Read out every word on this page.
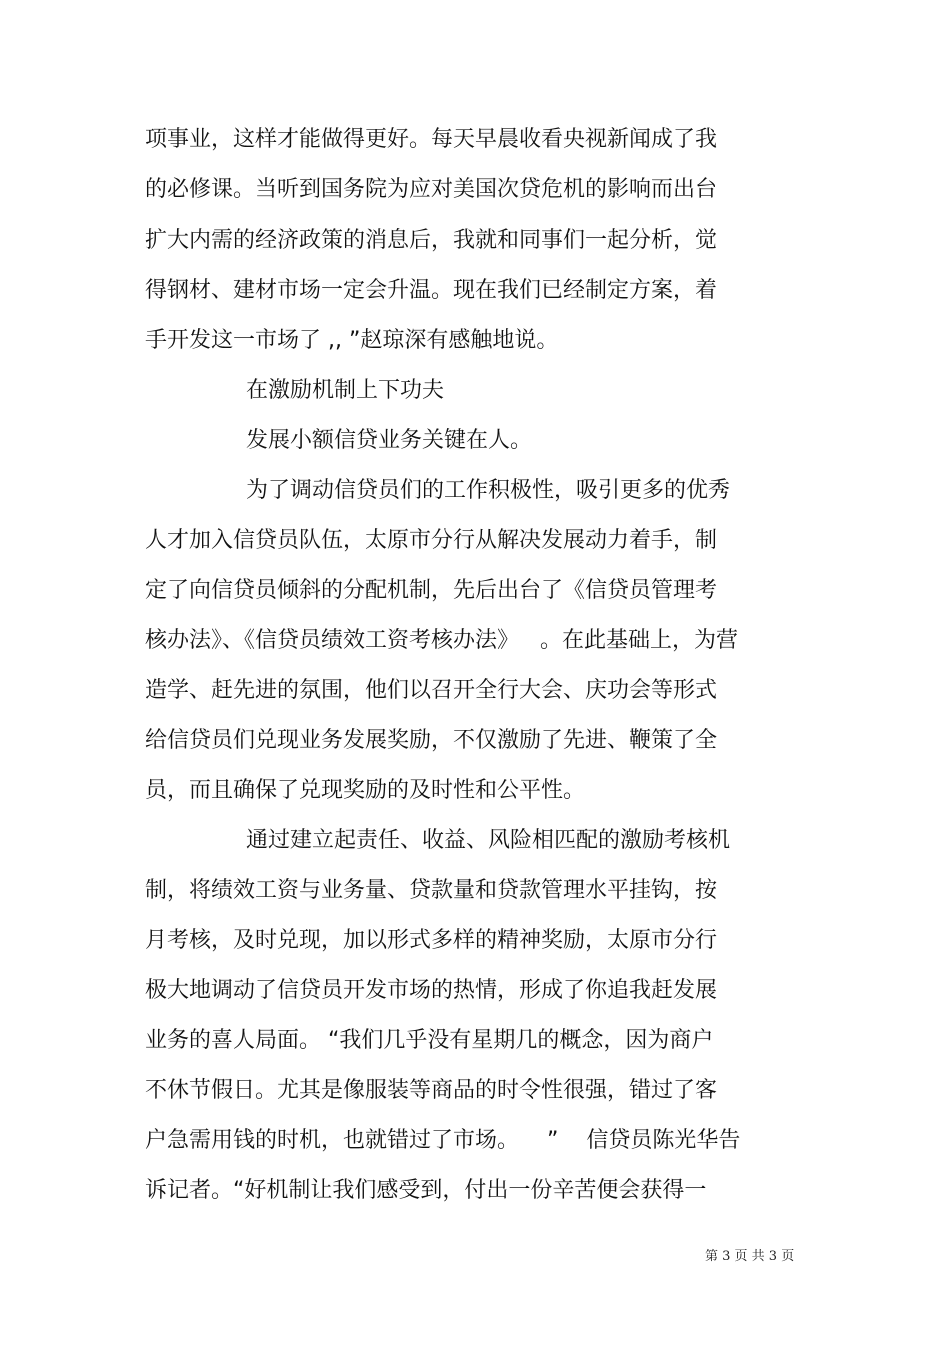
项事业，这样才能做得更好。每天早晨收看央视新闻成了我
的必修课。当听到国务院为应对美国次贷危机的影响而出台
扩大内需的经济政策的消息后，我就和同事们一起分析，觉
得钢材、建材市场一定会升温。现在我们已经制定方案，着
手开发这一市场了 ,, ”赵琼深有感触地说。
在激励机制上下功夫
发展小额信贷业务关键在人。
为了调动信贷员们的工作积极性，吸引更多的优秀
人才加入信贷员队伍，太原市分行从解决发展动力着手，制
定了向信贷员倾斜的分配机制，先后出台了《信贷员管理考
核办法》、《信贷员绩效工资考核办法》   。在此基础上，为营
造学、赶先进的氛围，他们以召开全行大会、庆功会等形式
给信贷员们兑现业务发展奖励，不仅激励了先进、鞭策了全
员，而且确保了兑现奖励的及时性和公平性。
通过建立起责任、收益、风险相匹配的激励考核机
制，将绩效工资与业务量、贷款量和贷款管理水平挂钩，按
月考核，及时兑现，加以形式多样的精神奖励，太原市分行
极大地调动了信贷员开发市场的热情，形成了你追我赶发展
业务的喜人局面。 “我们几乎没有星期几的概念，因为商户
不休节假日。尤其是像服装等商品的时令性很强，错过了客
户急需用钱的时机，也就错过了市场。    ”    信贷员陈光华告
诉记者。“好机制让我们感受到，付出一份辛苦便会获得一
第 3 页 共 3 页
